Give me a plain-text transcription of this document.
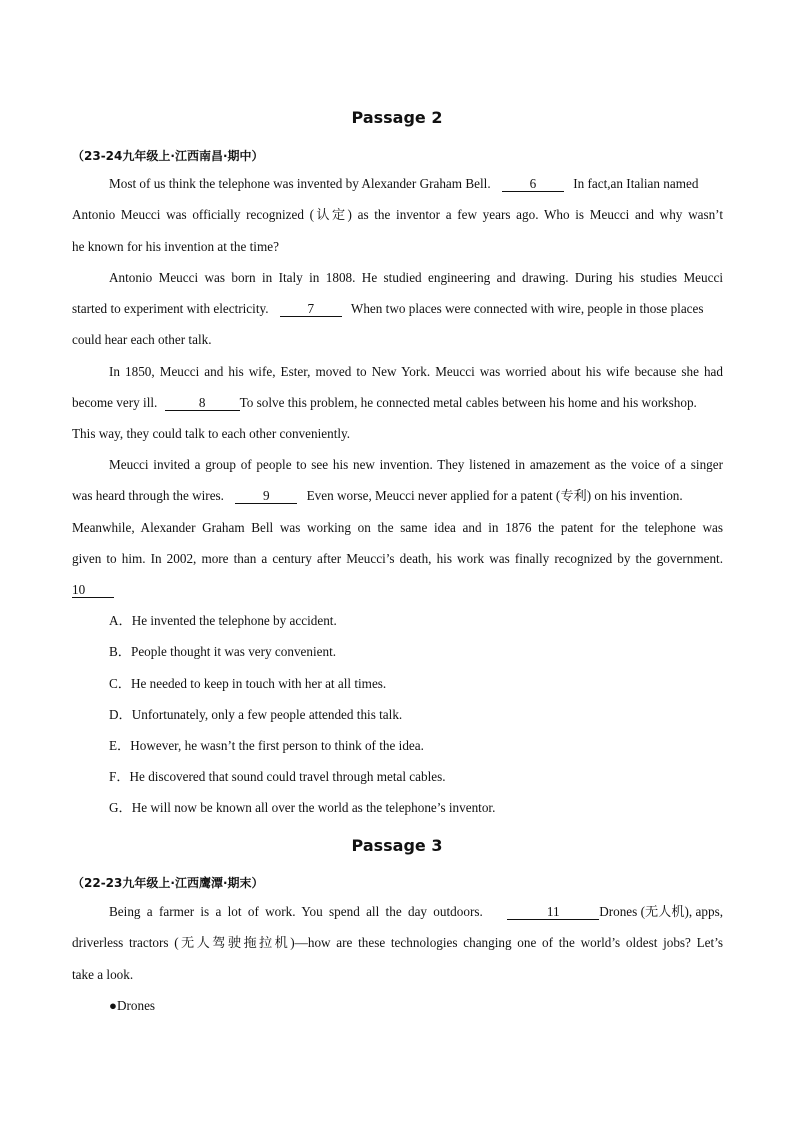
Passage 2
（23-24九年级上·江西南昌·期中）
Most of us think the telephone was invented by Alexander Graham Bell.	6	In fact,an Italian named
Antonio Meucci was officially recognized (认定) as the inventor a few years ago. Who is Meucci and why wasn’t
he known for his invention at the time?
Antonio Meucci was born in Italy in 1808. He studied engineering and drawing. During his studies Meucci
started to experiment with electricity.	7	When two places were connected with wire, people in those places
could hear each other talk.
In 1850, Meucci and his wife, Ester, moved to New York. Meucci was worried about his wife because she had
become very ill.	8	To solve this problem, he connected metal cables between his home and his workshop.
This way, they could talk to each other conveniently.
Meucci invited a group of people to see his new invention. They listened in amazement as the voice of a singer
was heard through the wires.	9	Even worse, Meucci never applied for a patent (专利) on his invention.
Meanwhile, Alexander Graham Bell was working on the same idea and in 1876 the patent for the telephone was
given to him. In 2002, more than a century after Meucci’s death, his work was finally recognized by the government.
10
A．He invented the telephone by accident.
B．People thought it was very convenient.
C．He needed to keep in touch with her at all times.
D．Unfortunately, only a few people attended this talk.
E．However, he wasn’t the first person to think of the idea.
F．He discovered that sound could travel through metal cables.
G．He will now be known all over the world as the telephone’s inventor.
Passage 3
（22-23九年级上·江西鹰潭·期末）
Being a farmer is a lot of work. You spend all the day outdoors.	11	Drones (无人机), apps,
driverless tractors (无人驾驶拖拉机)—how are these technologies changing one of the world’s oldest jobs? Let’s
take a look.
●Drones
